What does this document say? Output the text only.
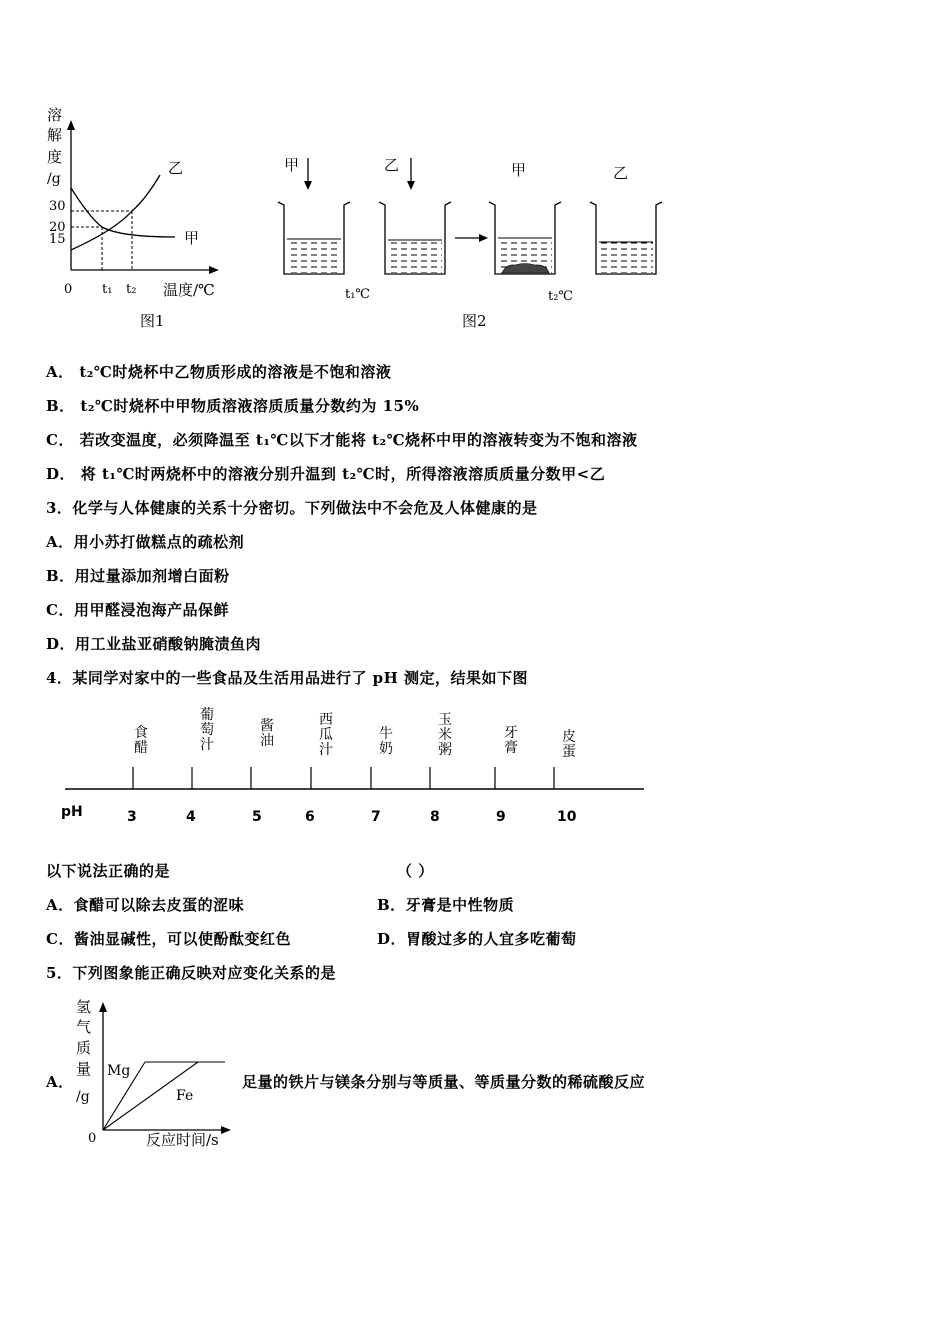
溶
解
度
/g
30
20
15
乙
甲
0 t₁ t₂ 温度/℃
图1
甲	乙	甲	乙
t₁℃	t₂℃
图2
A． t₂℃时烧杯中乙物质形成的溶液是不饱和溶液
B． t₂℃时烧杯中甲物质溶液溶质质量分数约为 15%
C． 若改变温度，必须降温至 t₁℃以下才能将 t₂℃烧杯中甲的溶液转变为不饱和溶液
D． 将 t₁℃时两烧杯中的溶液分别升温到 t₂℃时，所得溶液溶质质量分数甲<乙
3．化学与人体健康的关系十分密切。下列做法中不会危及人体健康的是
A．用小苏打做糕点的疏松剂
B．用过量添加剂增白面粉
C．用甲醛浸泡海产品保鲜
D．用工业盐亚硝酸钠腌渍鱼肉
4．某同学对家中的一些食品及生活用品进行了 pH 测定，结果如下图
食
醋
葡
萄
汁
酱
油
西
瓜
汁
牛
奶
玉
米
粥
牙
膏
皮
蛋
pH	3	4	5	6	7	8	9	10
以下说法正确的是	（ ）
A．食醋可以除去皮蛋的涩味	B．牙膏是中性物质
C．酱油显碱性，可以使酚酞变红色	D．胃酸过多的人宜多吃葡萄
5．下列图象能正确反映对应变化关系的是
A．
氢
气
质
量
/g
Mg
Fe
0	反应时间/s
足量的铁片与镁条分别与等质量、等质量分数的稀硫酸反应
